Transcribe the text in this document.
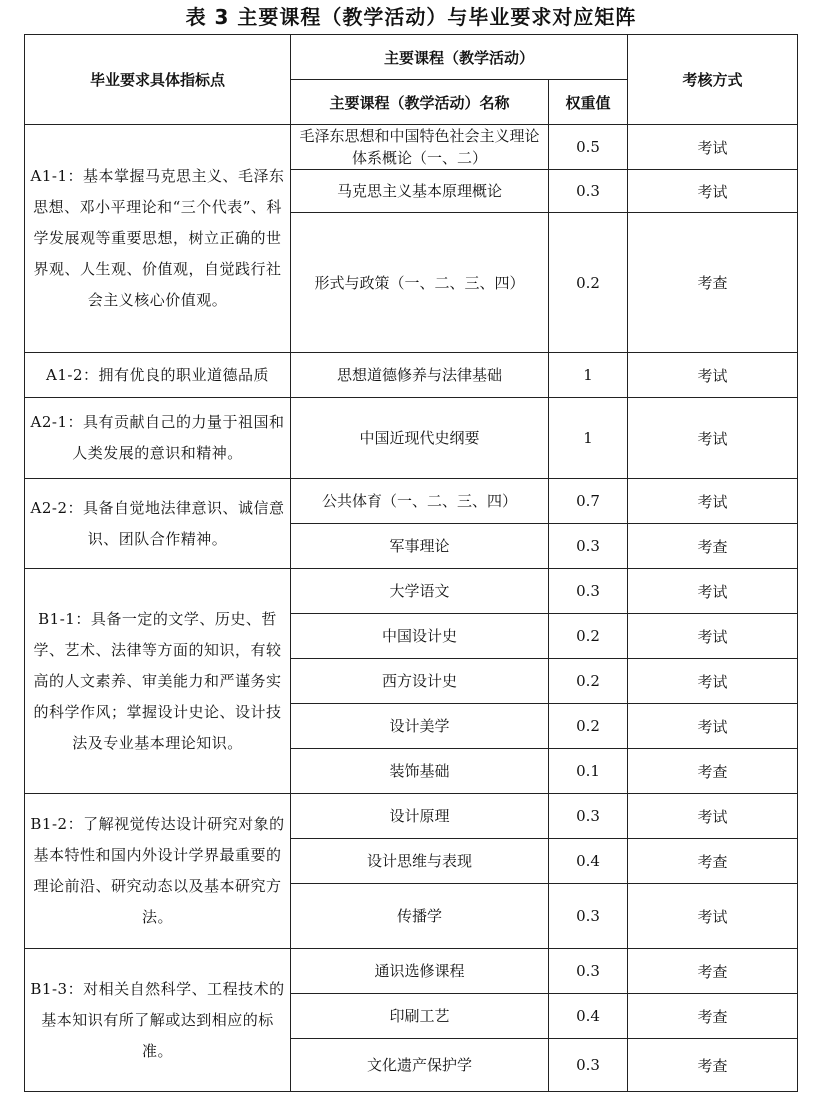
表 3 主要课程（教学活动）与毕业要求对应矩阵
毕业要求具体指标点	主要课程（教学活动）		考核方式
	主要课程（教学活动）名称	权重值	
A1-1：基本掌握马克思主义、毛泽东思想、邓小平理论和“三个代表”、科学发展观等重要思想，树立正确的世界观、人生观、价值观，自觉践行社会主义核心价值观。	毛泽东思想和中国特色社会主义理论体系概论（一、二）	0.5	考试
	马克思主义基本原理概论	0.3	考试
	形式与政策（一、二、三、四）	0.2	考查
A1-2：拥有优良的职业道德品质	思想道德修养与法律基础	1	考试
A2-1：具有贡献自己的力量于祖国和人类发展的意识和精神。	中国近现代史纲要	1	考试
A2-2：具备自觉地法律意识、诚信意识、团队合作精神。	公共体育（一、二、三、四）	0.7	考试
	军事理论	0.3	考查
B1-1：具备一定的文学、历史、哲学、艺术、法律等方面的知识，有较高的人文素养、审美能力和严谨务实的科学作风；掌握设计史论、设计技法及专业基本理论知识。	大学语文	0.3	考试
	中国设计史	0.2	考试
	西方设计史	0.2	考试
	设计美学	0.2	考试
	装饰基础	0.1	考查
B1-2：了解视觉传达设计研究对象的基本特性和国内外设计学界最重要的理论前沿、研究动态以及基本研究方法。	设计原理	0.3	考试
	设计思维与表现	0.4	考查
	传播学	0.3	考试
B1-3：对相关自然科学、工程技术的基本知识有所了解或达到相应的标准。	通识选修课程	0.3	考查
	印刷工艺	0.4	考查
	文化遗产保护学	0.3	考查
